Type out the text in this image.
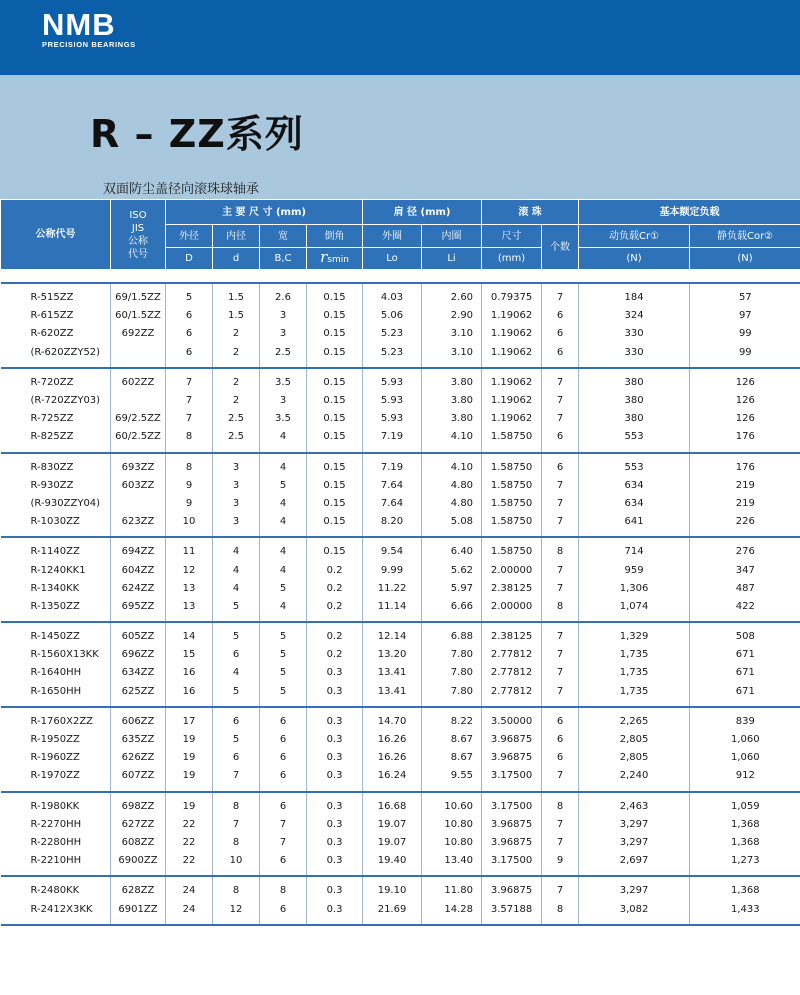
NMB
PRECISION BEARINGS
R – ZZ系列
双面防尘盖径向滚珠球轴承
公称代号	ISO
JIS
公称
代号	主 要 尺 寸 (mm)				肩 径 (mm)		滚 珠		基本额定负载	
		外径	内径	宽	倒角	外圈	内圈	尺寸	个数	动负载Cr①	静负载Cor②
		D	d	B,C	rsmin	Lo	Li	(mm)		(N)	(N)

R-515ZZ	69/1.5ZZ	5	1.5	2.6	0.15	4.03	2.60	0.79375	7	184	57
R-615ZZ	60/1.5ZZ	6	1.5	3	0.15	5.06	2.90	1.19062	6	324	97
R-620ZZ	692ZZ	6	2	3	0.15	5.23	3.10	1.19062	6	330	99
(R-620ZZY52)		6	2	2.5	0.15	5.23	3.10	1.19062	6	330	99
R-720ZZ	602ZZ	7	2	3.5	0.15	5.93	3.80	1.19062	7	380	126
(R-720ZZY03)		7	2	3	0.15	5.93	3.80	1.19062	7	380	126
R-725ZZ	69/2.5ZZ	7	2.5	3.5	0.15	5.93	3.80	1.19062	7	380	126
R-825ZZ	60/2.5ZZ	8	2.5	4	0.15	7.19	4.10	1.58750	6	553	176
R-830ZZ	693ZZ	8	3	4	0.15	7.19	4.10	1.58750	6	553	176
R-930ZZ	603ZZ	9	3	5	0.15	7.64	4.80	1.58750	7	634	219
(R-930ZZY04)		9	3	4	0.15	7.64	4.80	1.58750	7	634	219
R-1030ZZ	623ZZ	10	3	4	0.15	8.20	5.08	1.58750	7	641	226
R-1140ZZ	694ZZ	11	4	4	0.15	9.54	6.40	1.58750	8	714	276
R-1240KK1	604ZZ	12	4	4	0.2	9.99	5.62	2.00000	7	959	347
R-1340KK	624ZZ	13	4	5	0.2	11.22	5.97	2.38125	7	1,306	487
R-1350ZZ	695ZZ	13	5	4	0.2	11.14	6.66	2.00000	8	1,074	422
R-1450ZZ	605ZZ	14	5	5	0.2	12.14	6.88	2.38125	7	1,329	508
R-1560X13KK	696ZZ	15	6	5	0.2	13.20	7.80	2.77812	7	1,735	671
R-1640HH	634ZZ	16	4	5	0.3	13.41	7.80	2.77812	7	1,735	671
R-1650HH	625ZZ	16	5	5	0.3	13.41	7.80	2.77812	7	1,735	671
R-1760X2ZZ	606ZZ	17	6	6	0.3	14.70	8.22	3.50000	6	2,265	839
R-1950ZZ	635ZZ	19	5	6	0.3	16.26	8.67	3.96875	6	2,805	1,060
R-1960ZZ	626ZZ	19	6	6	0.3	16.26	8.67	3.96875	6	2,805	1,060
R-1970ZZ	607ZZ	19	7	6	0.3	16.24	9.55	3.17500	7	2,240	912
R-1980KK	698ZZ	19	8	6	0.3	16.68	10.60	3.17500	8	2,463	1,059
R-2270HH	627ZZ	22	7	7	0.3	19.07	10.80	3.96875	7	3,297	1,368
R-2280HH	608ZZ	22	8	7	0.3	19.07	10.80	3.96875	7	3,297	1,368
R-2210HH	6900ZZ	22	10	6	0.3	19.40	13.40	3.17500	9	2,697	1,273
R-2480KK	628ZZ	24	8	8	0.3	19.10	11.80	3.96875	7	3,297	1,368
R-2412X3KK	6901ZZ	24	12	6	0.3	21.69	14.28	3.57188	8	3,082	1,433
